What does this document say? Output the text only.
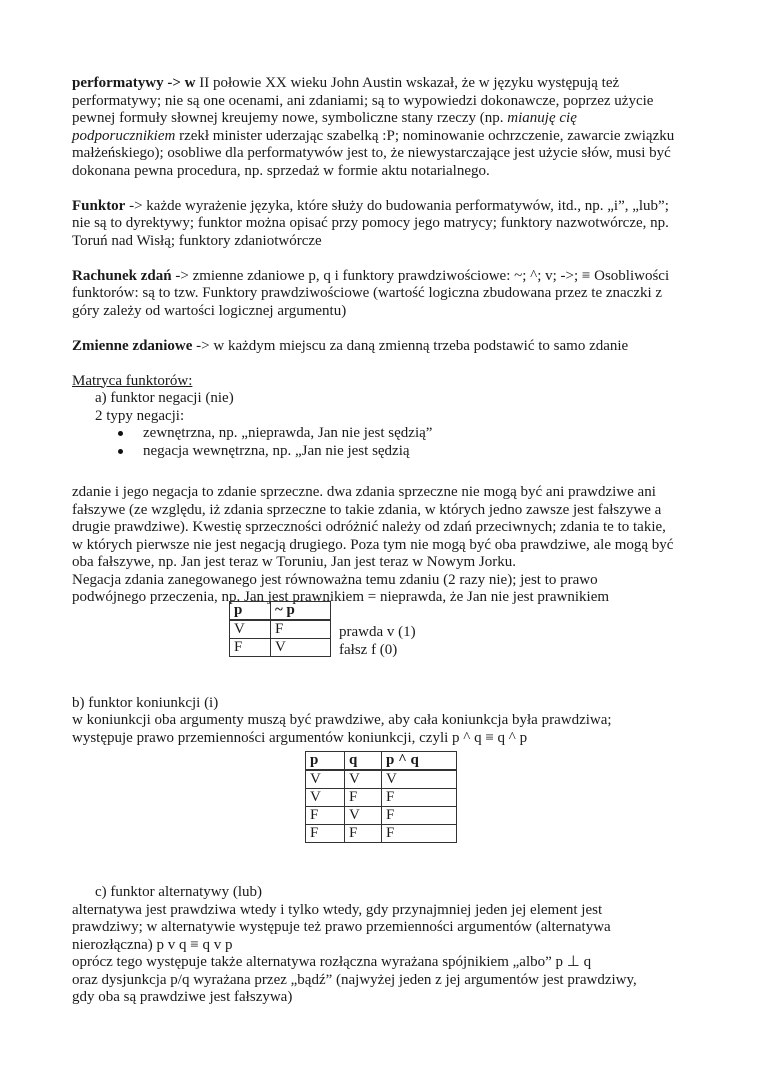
performatywy -> w II połowie XX wieku John Austin wskazał, że w języku występują też
performatywy; nie są one ocenami, ani zdaniami; są to wypowiedzi dokonawcze, poprzez użycie
pewnej formuły słownej kreujemy nowe, symboliczne stany rzeczy (np. mianuję cię
podporucznikiem rzekł minister uderzając szabelką :P; nominowanie ochrzczenie, zawarcie związku
małżeńskiego); osobliwe dla performatywów jest to, że niewystarczające jest użycie słów, musi być
dokonana pewna procedura, np. sprzedaż w formie aktu notarialnego.
Funktor -> każde wyrażenie języka, które służy do budowania performatywów, itd., np. „i”, „lub”;
nie są to dyrektywy; funktor można opisać przy pomocy jego matrycy; funktory nazwotwórcze, np.
Toruń nad Wisłą; funktory zdaniotwórcze
Rachunek zdań -> zmienne zdaniowe p, q i funktory prawdziwościowe: ~; ^; v; ->; ≡ Osobliwości
funktorów: są to tzw. Funktory prawdziwościowe (wartość logiczna zbudowana przez te znaczki z
góry zależy od wartości logicznej argumentu)
Zmienne zdaniowe -> w każdym miejscu za daną zmienną trzeba podstawić to samo zdanie
Matryca funktorów:
a) funktor negacji (nie)
2 typy negacji:
zewnętrzna, np. „nieprawda, Jan nie jest sędzią”
negacja wewnętrzna, np. „Jan nie jest sędzią
zdanie i jego negacja to zdanie sprzeczne. dwa zdania sprzeczne nie mogą być ani prawdziwe ani
fałszywe (ze względu, iż zdania sprzeczne to takie zdania, w których jedno zawsze jest fałszywe a
drugie prawdziwe). Kwestię sprzeczności odróżnić należy od zdań przeciwnych; zdania te to takie,
w których pierwsze nie jest negacją drugiego. Poza tym nie mogą być oba prawdziwe, ale mogą być
oba fałszywe, np. Jan jest teraz w Toruniu, Jan jest teraz w Nowym Jorku.
Negacja zdania zanegowanego jest równoważna temu zdaniu (2 razy nie); jest to prawo
podwójnego przeczenia, np. Jan jest prawnikiem = nieprawda, że Jan nie jest prawnikiem
p	~ p
V	F
F	V
prawda v (1)
fałsz f (0)
b) funktor koniunkcji (i)
w koniunkcji oba argumenty muszą być prawdziwe, aby cała koniunkcja była prawdziwa;
występuje prawo przemienności argumentów koniunkcji, czyli p ^ q ≡ q ^ p
p	q	p ^ q
V	V	V
V	F	F
F	V	F
F	F	F
c) funktor alternatywy (lub)
alternatywa jest prawdziwa wtedy i tylko wtedy, gdy przynajmniej jeden jej element jest
prawdziwy; w alternatywie występuje też prawo przemienności argumentów (alternatywa
nierozłączna) p v q ≡ q v p
oprócz tego występuje także alternatywa rozłączna wyrażana spójnikiem „albo” p ⊥ q
oraz dysjunkcja p/q wyrażana przez „bądź” (najwyżej jeden z jej argumentów jest prawdziwy,
gdy oba są prawdziwe jest fałszywa)
